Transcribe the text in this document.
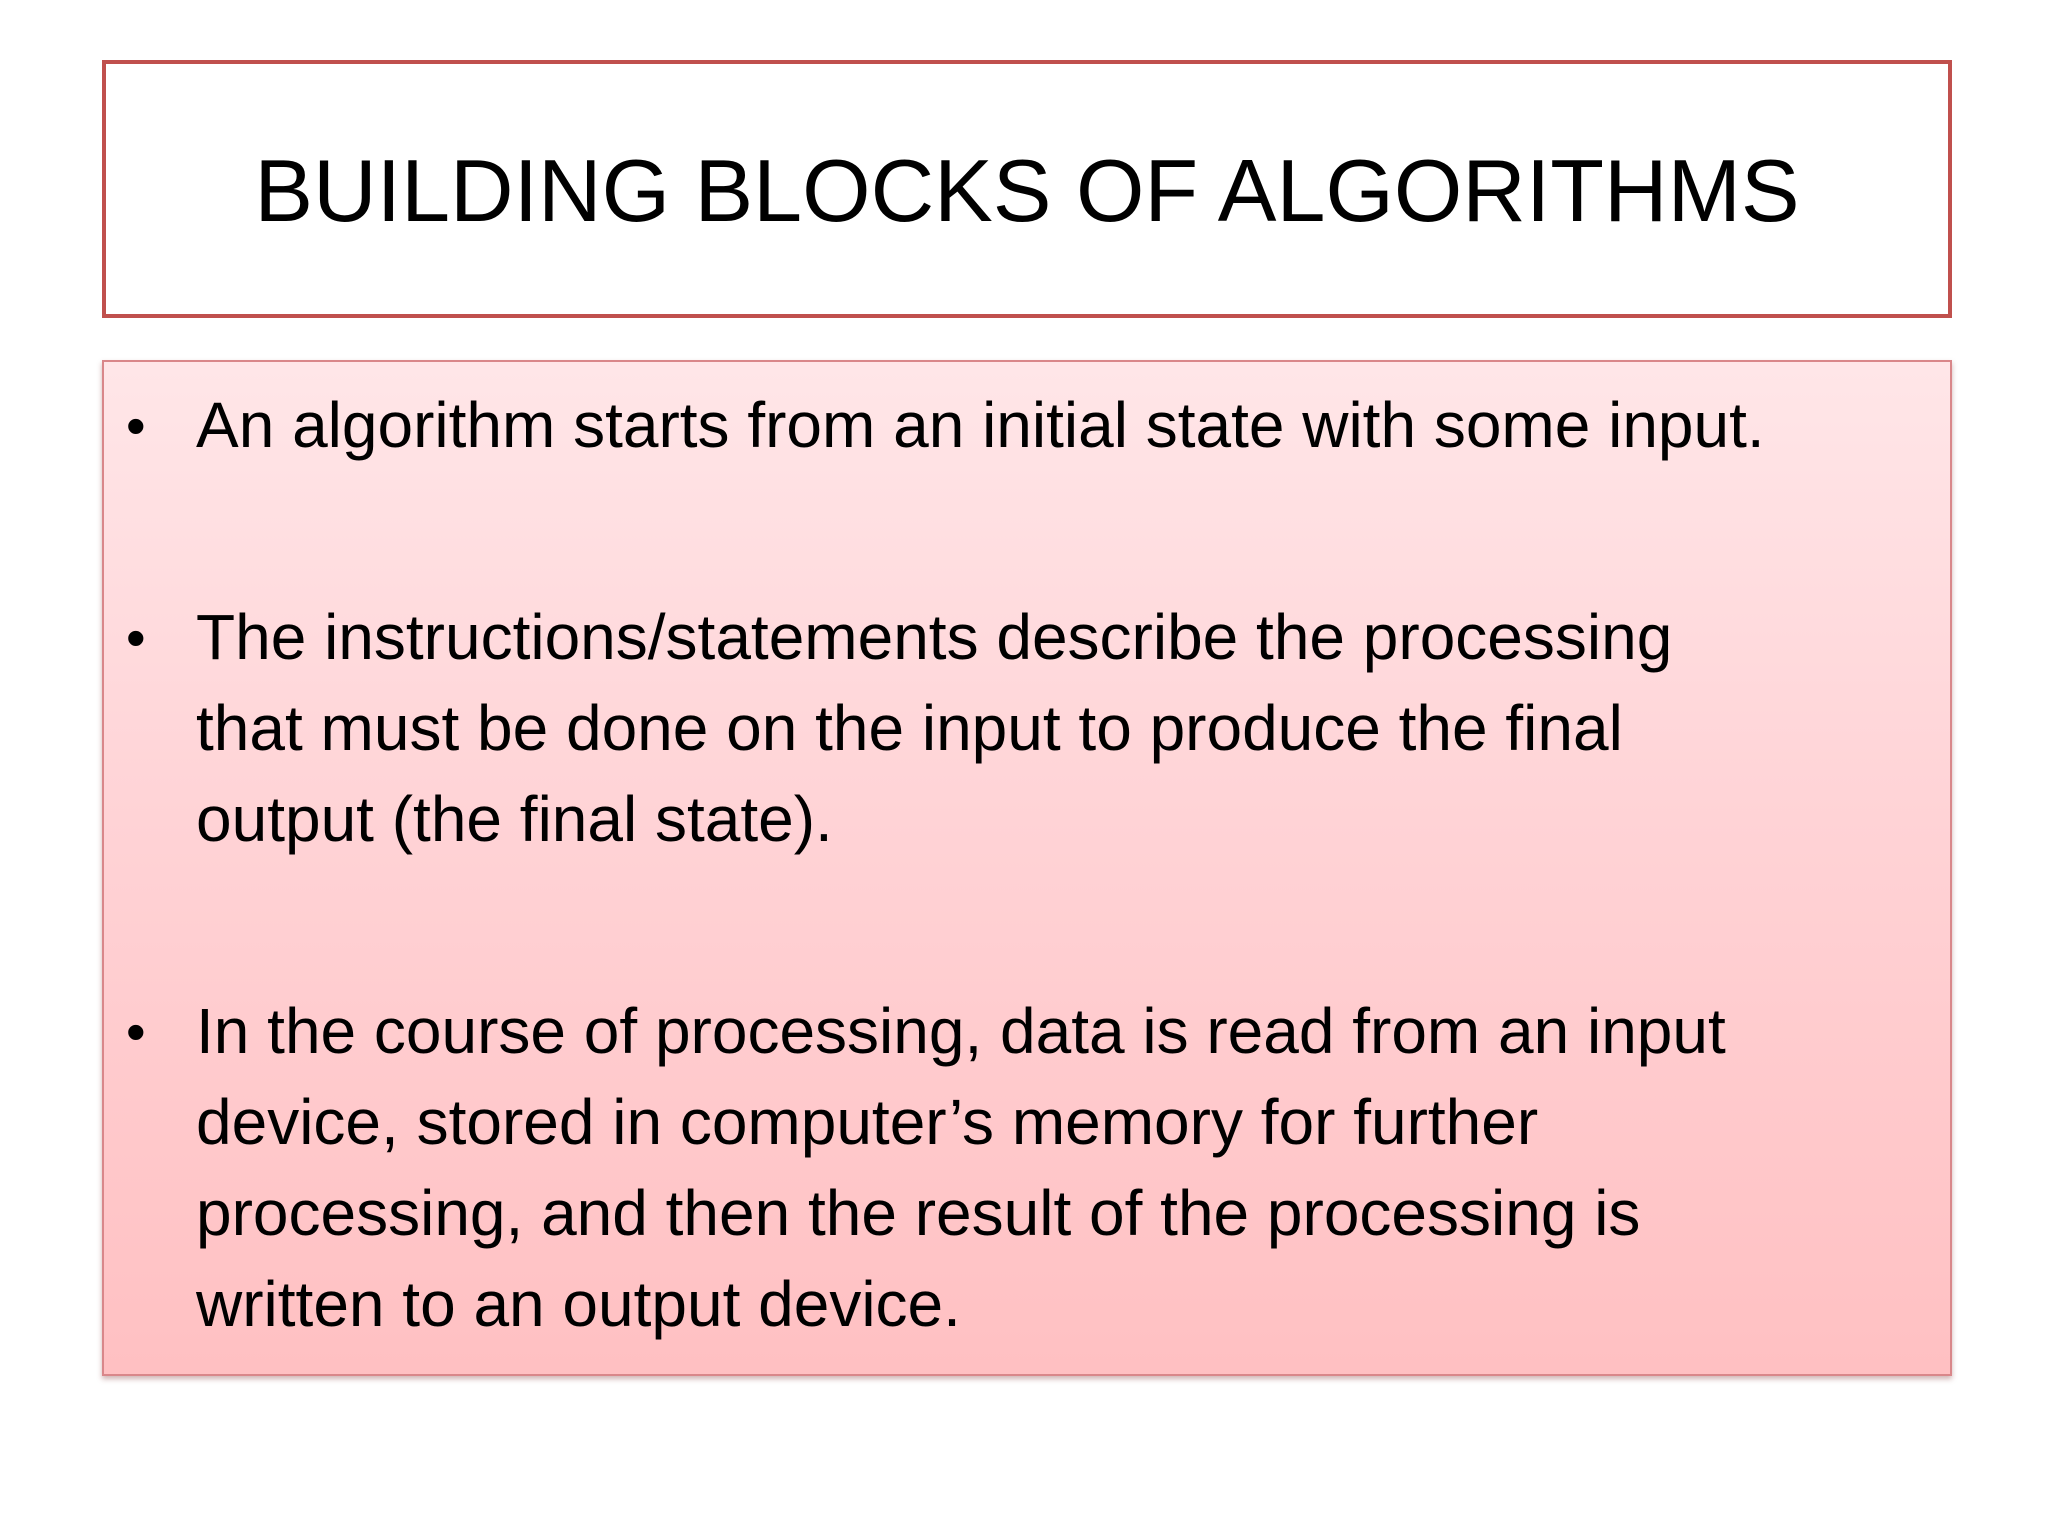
BUILDING BLOCKS OF ALGORITHMS
• An algorithm starts from an initial state with some input.
• The instructions/statements describe the processing
that must be done on the input to produce the final
output (the final state).
• In the course of processing, data is read from an input
device, stored in computer’s memory for further
processing, and then the result of the processing is
written to an output device.
